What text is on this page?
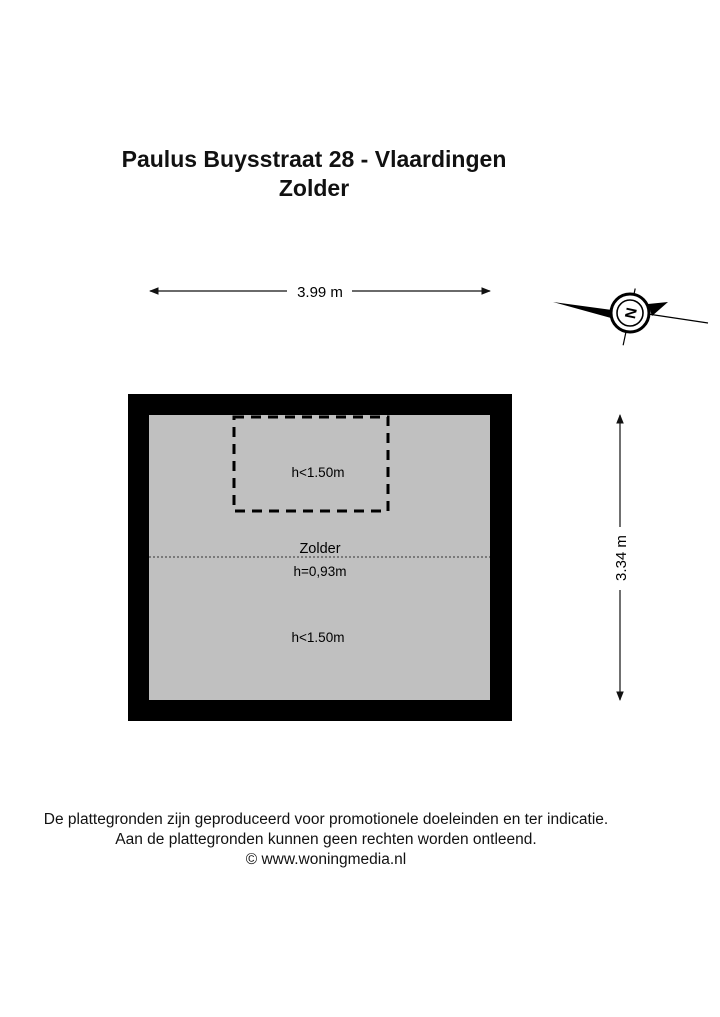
Paulus Buysstraat 28 - Vlaardingen
Zolder
3.99 m
3.34 m
N
h<1.50m
Zolder
h=0,93m
h<1.50m
De plattegronden zijn geproduceerd voor promotionele doeleinden en ter indicatie.
Aan de plattegronden kunnen geen rechten worden ontleend.
© www.woningmedia.nl
